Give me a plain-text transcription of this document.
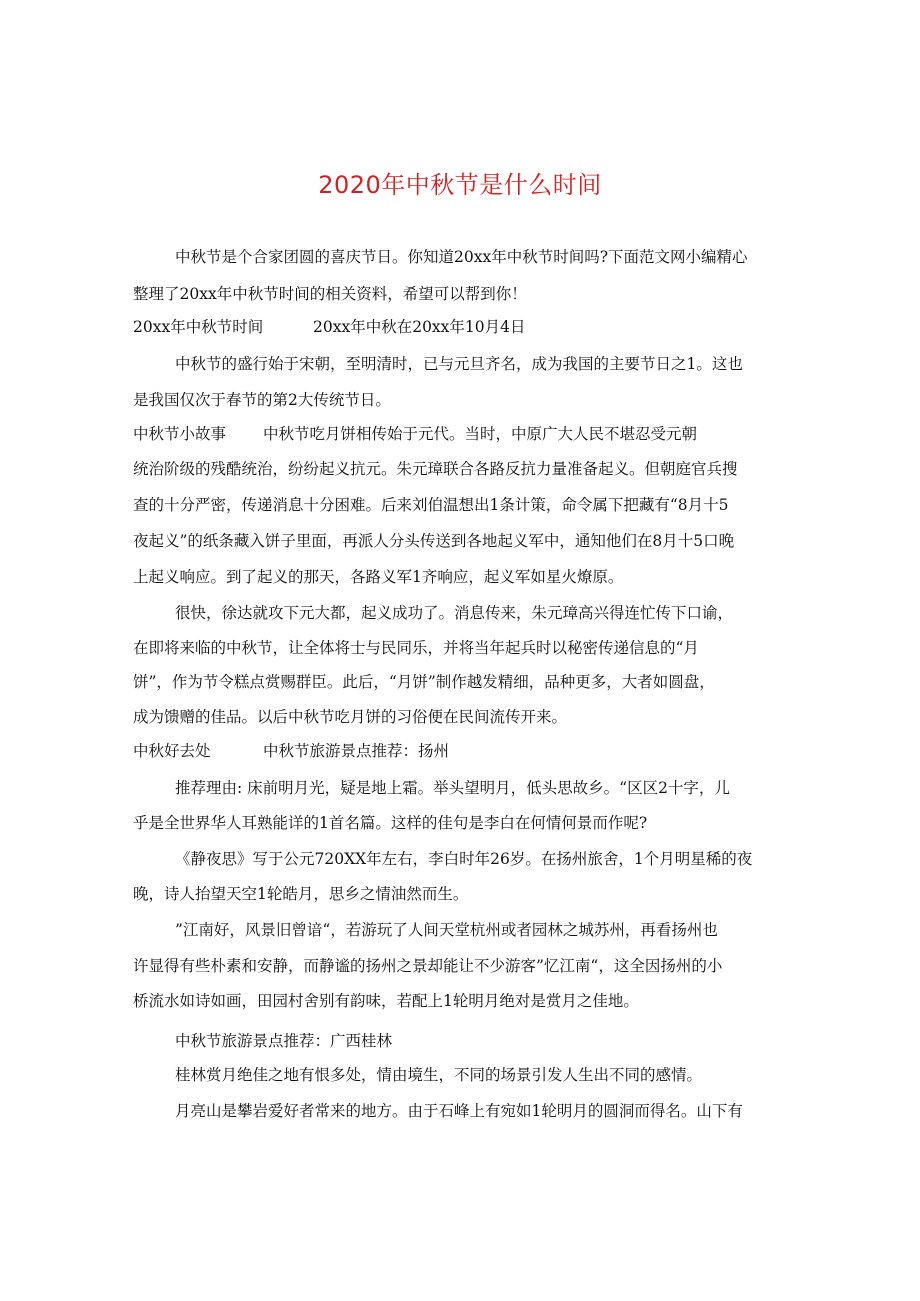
2020年中秋节是什么时间
中秋节是个合家团圆的喜庆节日。你知道20xx年中秋节时间吗?下面范文网小编精心
整理了20xx年中秋节时间的相关资料，希望可以帮到你！
20xx年中秋节时间	20xx年中秋在20xx年10月4日
中秋节的盛行始于宋朝，至明清时，已与元旦齐名，成为我国的主要节日之1。这也
是我国仅次于春节的第2大传统节日。
中秋节小故事 中秋节吃月饼相传始于元代。当时，中原广大人民不堪忍受元朝
统治阶级的残酷统治，纷纷起义抗元。朱元璋联合各路反抗力量准备起义。但朝庭官兵搜
查的十分严密，传递消息十分困难。后来刘伯温想出1条计策，命令属下把藏有“8月十5
夜起义”的纸条藏入饼子里面，再派人分头传送到各地起义军中，通知他们在8月十5口晚
上起义响应。到了起义的那天，各路义军1齐响应，起义军如星火燎原。
很快，徐达就攻下元大都，起义成功了。消息传来，朱元璋高兴得连忙传下口谕，
在即将来临的中秋节，让全体将士与民同乐，并将当年起兵时以秘密传递信息的“月
饼”，作为节令糕点赏赐群臣。此后，“月饼”制作越发精细，品种更多，大者如圆盘，
成为馈赠的佳品。以后中秋节吃月饼的习俗便在民间流传开来。
中秋好去处	中秋节旅游景点推荐：扬州
推荐理由: 床前明月光，疑是地上霜。举头望明月，低头思故乡。“区区2十字，儿
乎是全世界华人耳熟能详的1首名篇。这样的佳句是李白在何情何景而作呢?
《静夜思》写于公元720XX年左右，李白时年26岁。在扬州旅舍，1个月明星稀的夜
晚，诗人抬望天空1轮皓月，思乡之情油然而生。
”江南好，风景旧曾谙“，若游玩了人间天堂杭州或者园林之城苏州，再看扬州也
许显得有些朴素和安静，而静谧的扬州之景却能让不少游客”忆江南“，这全因扬州的小
桥流水如诗如画，田园村舍别有韵味，若配上1轮明月绝对是赏月之佳地。
中秋节旅游景点推荐：广西桂林
桂林赏月绝佳之地有恨多处，情由境生，不同的场景引发人生出不同的感情。
月亮山是攀岩爱好者常来的地方。由于石峰上有宛如1轮明月的圆洞而得名。山下有
